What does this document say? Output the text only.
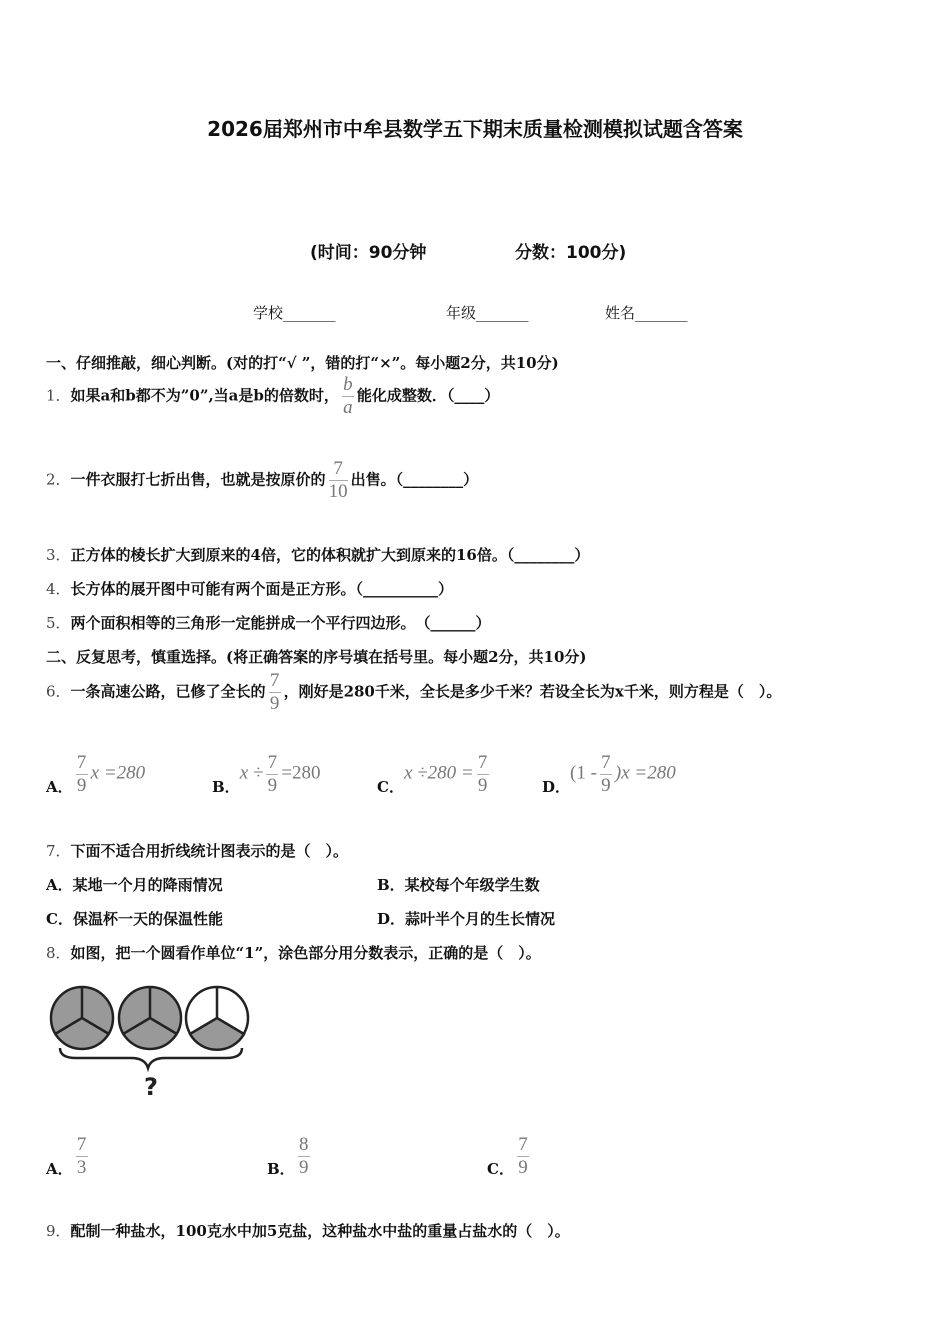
2026届郑州市中牟县数学五下期末质量检测模拟试题含答案
(时间：90分钟	分数：100分)
学校_______	年级_______	姓名_______
一、仔细推敲，细心判断。(对的打“√ ”，错的打“×”。每小题2分，共10分)
1．如果a和b都不为”0”,当a是b的倍数时， $\frac{b}{a}$ 能化成整数．（____）
2．一件衣服打七折出售，也就是按原价的 $\frac{7}{10}$ 出售。（________）
3．正方体的棱长扩大到原来的4倍，它的体积就扩大到原来的16倍。（________）
4．长方体的展开图中可能有两个面是正方形。（__________）
5．两个面积相等的三角形一定能拼成一个平行四边形。　（______）
二、反复思考，慎重选择。(将正确答案的序号填在括号里。每小题2分，共10分)
6．一条高速公路，已修了全长的 $\frac{7}{9}$ ，刚好是280千米，全长是多少千米？若设全长为x千米，则方程是（　）。
A． $\frac{7}{9}$ x =280
B．$x \div \frac{7}{9} =280$
C．$x \div 280 = \frac{7}{9}$	D．$(1 - \frac{7}{9} )x =280$
7．下面不适合用折线统计图表示的是（　）。
A．某地一个月的降雨情况	B．某校每个年级学生数
C．保温杯一天的保温性能	D．蒜叶半个月的生长情况
8．如图，把一个圆看作单位“1”，涂色部分用分数表示，正确的是（　）。
?
A． $\frac{7}{3}$	B． $\frac{8}{9}$	C． $\frac{7}{9}$
9．配制一种盐水，100克水中加5克盐，这种盐水中盐的重量占盐水的（　）。
